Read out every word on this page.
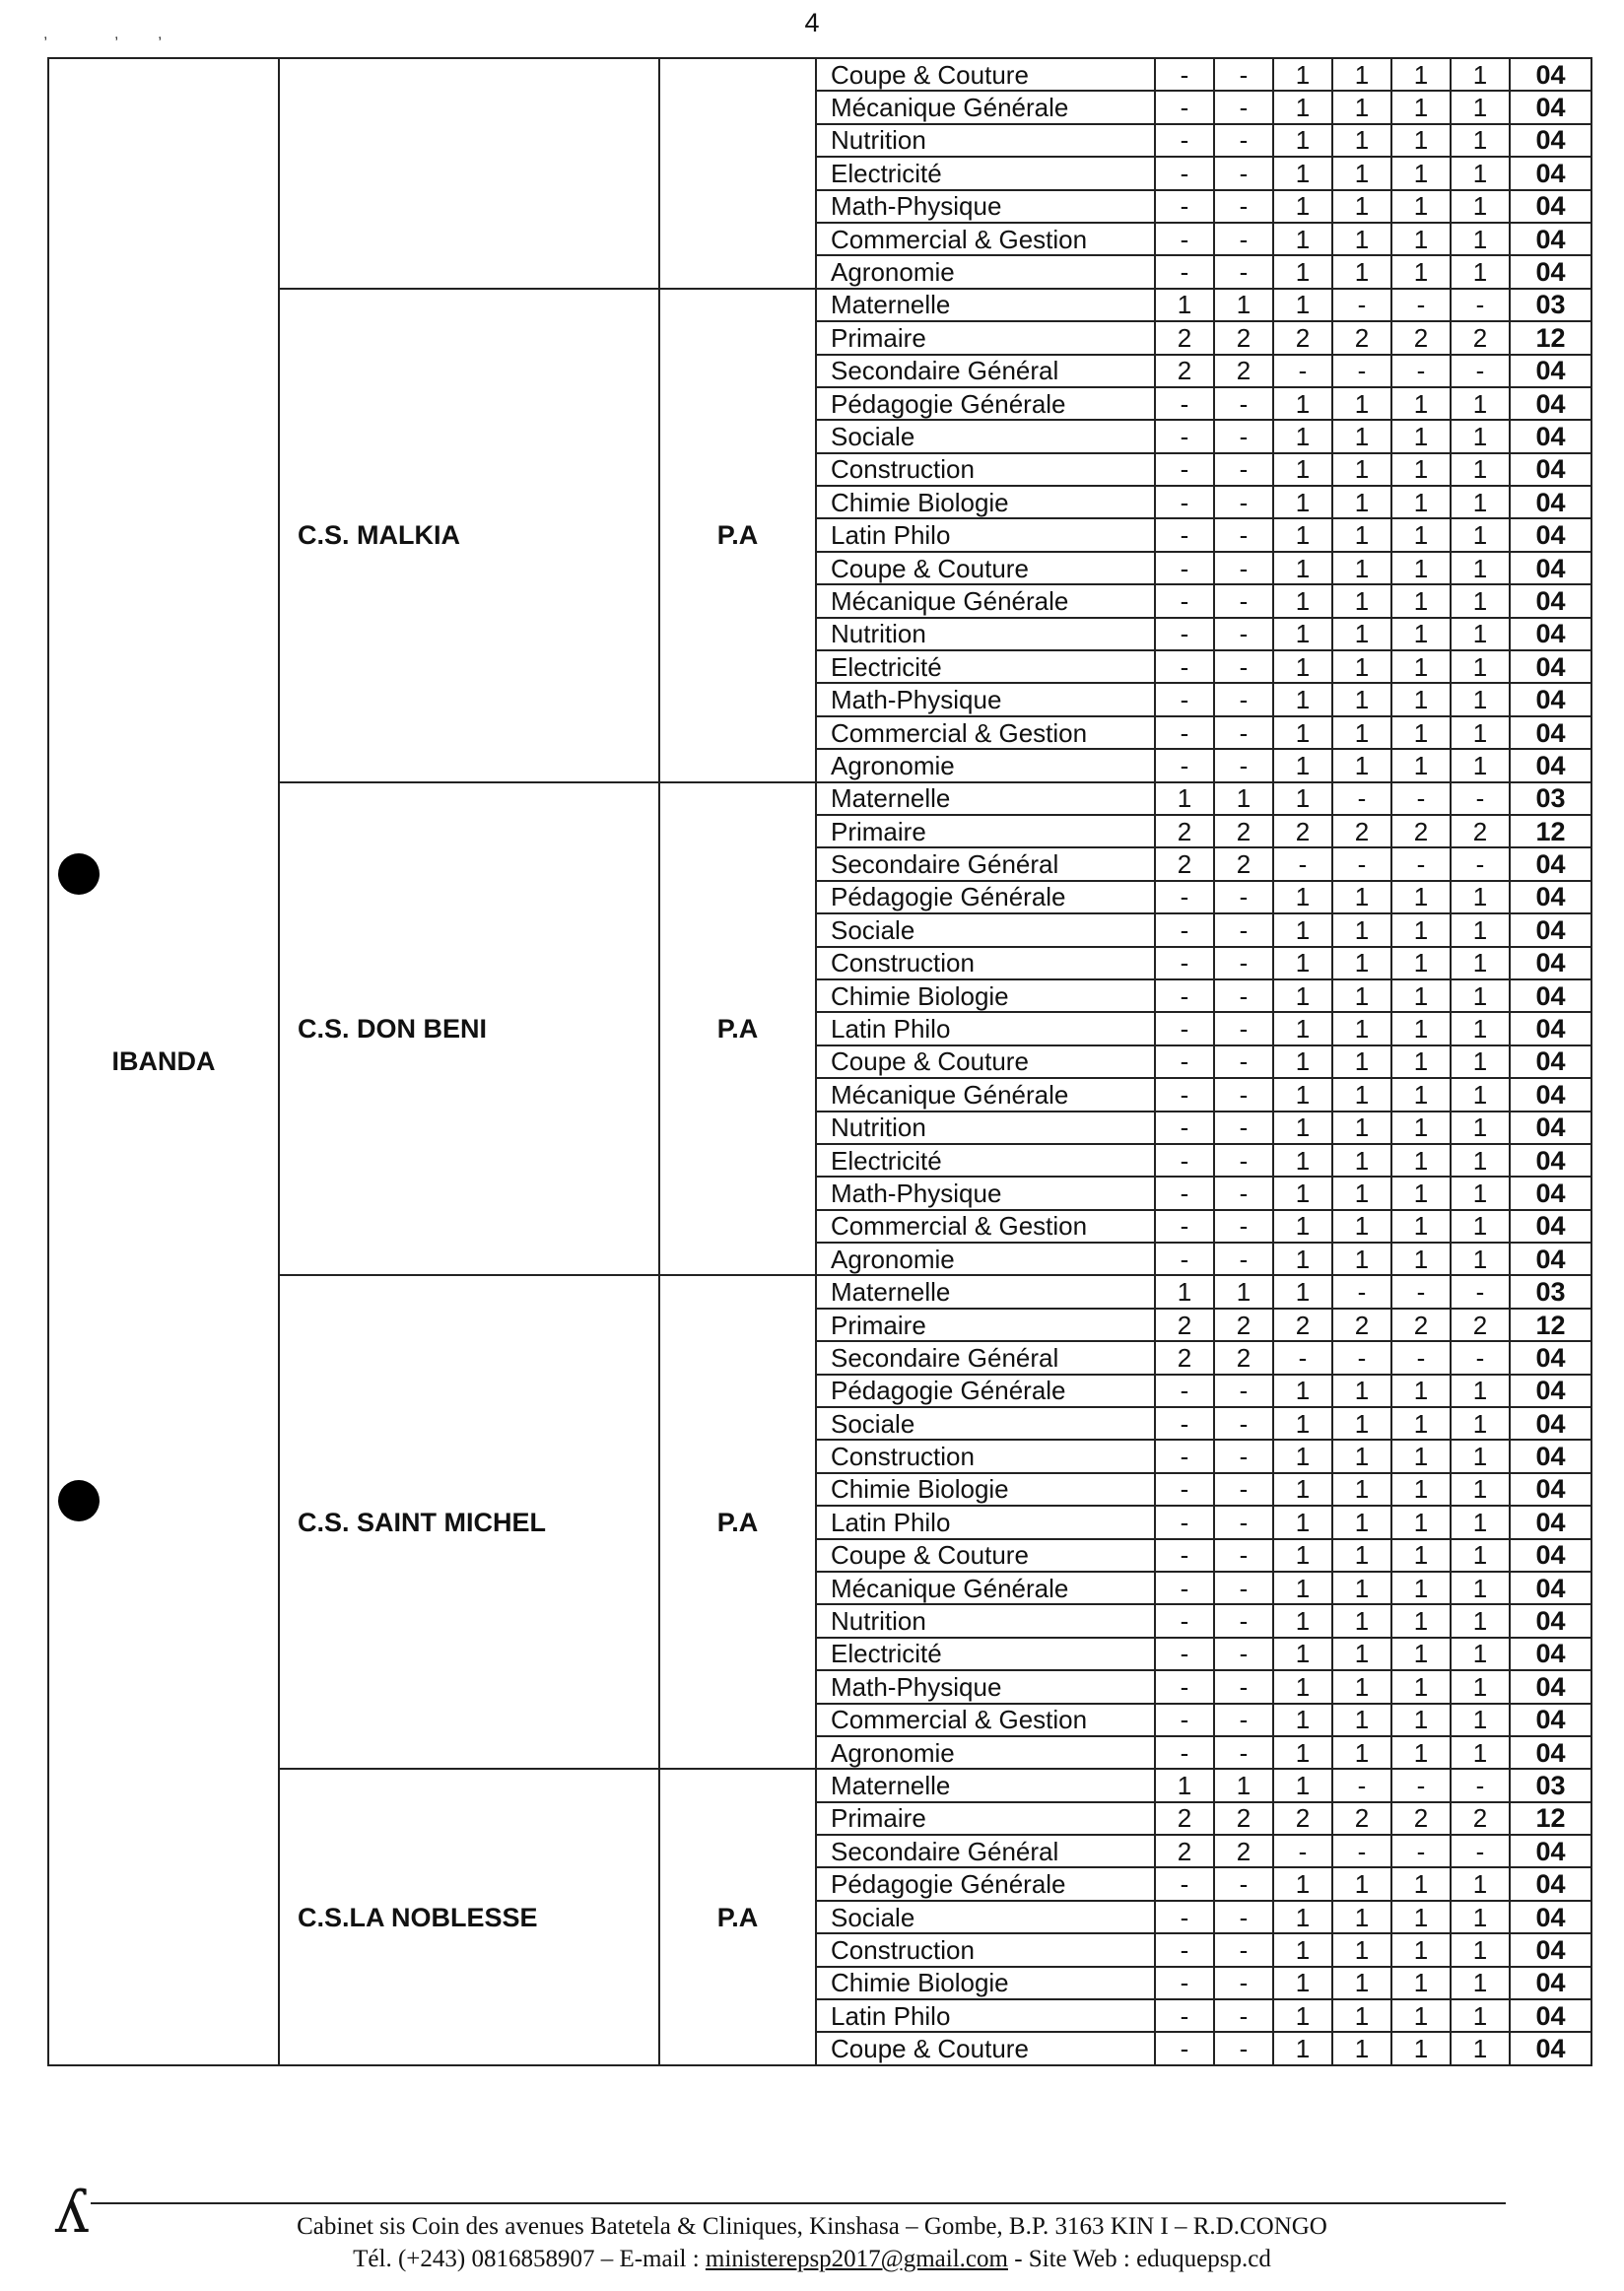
4
,	, ,
IBANDA			Coupe & Couture	-	-	1	1	1	1	04
			Mécanique Générale	-	-	1	1	1	1	04
			Nutrition	-	-	1	1	1	1	04
			Electricité	-	-	1	1	1	1	04
			Math-Physique	-	-	1	1	1	1	04
			Commercial & Gestion	-	-	1	1	1	1	04
			Agronomie	-	-	1	1	1	1	04
	C.S. MALKIA	P.A	Maternelle	1	1	1	-	-	-	03
			Primaire	2	2	2	2	2	2	12
			Secondaire Général	2	2	-	-	-	-	04
			Pédagogie Générale	-	-	1	1	1	1	04
			Sociale	-	-	1	1	1	1	04
			Construction	-	-	1	1	1	1	04
			Chimie Biologie	-	-	1	1	1	1	04
			Latin Philo	-	-	1	1	1	1	04
			Coupe & Couture	-	-	1	1	1	1	04
			Mécanique Générale	-	-	1	1	1	1	04
			Nutrition	-	-	1	1	1	1	04
			Electricité	-	-	1	1	1	1	04
			Math-Physique	-	-	1	1	1	1	04
			Commercial & Gestion	-	-	1	1	1	1	04
			Agronomie	-	-	1	1	1	1	04
	C.S. DON BENI	P.A	Maternelle	1	1	1	-	-	-	03
			Primaire	2	2	2	2	2	2	12
			Secondaire Général	2	2	-	-	-	-	04
			Pédagogie Générale	-	-	1	1	1	1	04
			Sociale	-	-	1	1	1	1	04
			Construction	-	-	1	1	1	1	04
			Chimie Biologie	-	-	1	1	1	1	04
			Latin Philo	-	-	1	1	1	1	04
			Coupe & Couture	-	-	1	1	1	1	04
			Mécanique Générale	-	-	1	1	1	1	04
			Nutrition	-	-	1	1	1	1	04
			Electricité	-	-	1	1	1	1	04
			Math-Physique	-	-	1	1	1	1	04
			Commercial & Gestion	-	-	1	1	1	1	04
			Agronomie	-	-	1	1	1	1	04
	C.S. SAINT MICHEL	P.A	Maternelle	1	1	1	-	-	-	03
			Primaire	2	2	2	2	2	2	12
			Secondaire Général	2	2	-	-	-	-	04
			Pédagogie Générale	-	-	1	1	1	1	04
			Sociale	-	-	1	1	1	1	04
			Construction	-	-	1	1	1	1	04
			Chimie Biologie	-	-	1	1	1	1	04
			Latin Philo	-	-	1	1	1	1	04
			Coupe & Couture	-	-	1	1	1	1	04
			Mécanique Générale	-	-	1	1	1	1	04
			Nutrition	-	-	1	1	1	1	04
			Electricité	-	-	1	1	1	1	04
			Math-Physique	-	-	1	1	1	1	04
			Commercial & Gestion	-	-	1	1	1	1	04
			Agronomie	-	-	1	1	1	1	04
	C.S.LA NOBLESSE	P.A	Maternelle	1	1	1	-	-	-	03
			Primaire	2	2	2	2	2	2	12
			Secondaire Général	2	2	-	-	-	-	04
			Pédagogie Générale	-	-	1	1	1	1	04
			Sociale	-	-	1	1	1	1	04
			Construction	-	-	1	1	1	1	04
			Chimie Biologie	-	-	1	1	1	1	04
			Latin Philo	-	-	1	1	1	1	04
			Coupe & Couture	-	-	1	1	1	1	04
ʎ	Cabinet sis Coin des avenues Batetela & Cliniques, Kinshasa – Gombe, B.P. 3163 KIN I – R.D.CONGO
Tél. (+243) 0816858907 – E-mail : ministerepsp2017@gmail.com - Site Web : eduquepsp.cd
